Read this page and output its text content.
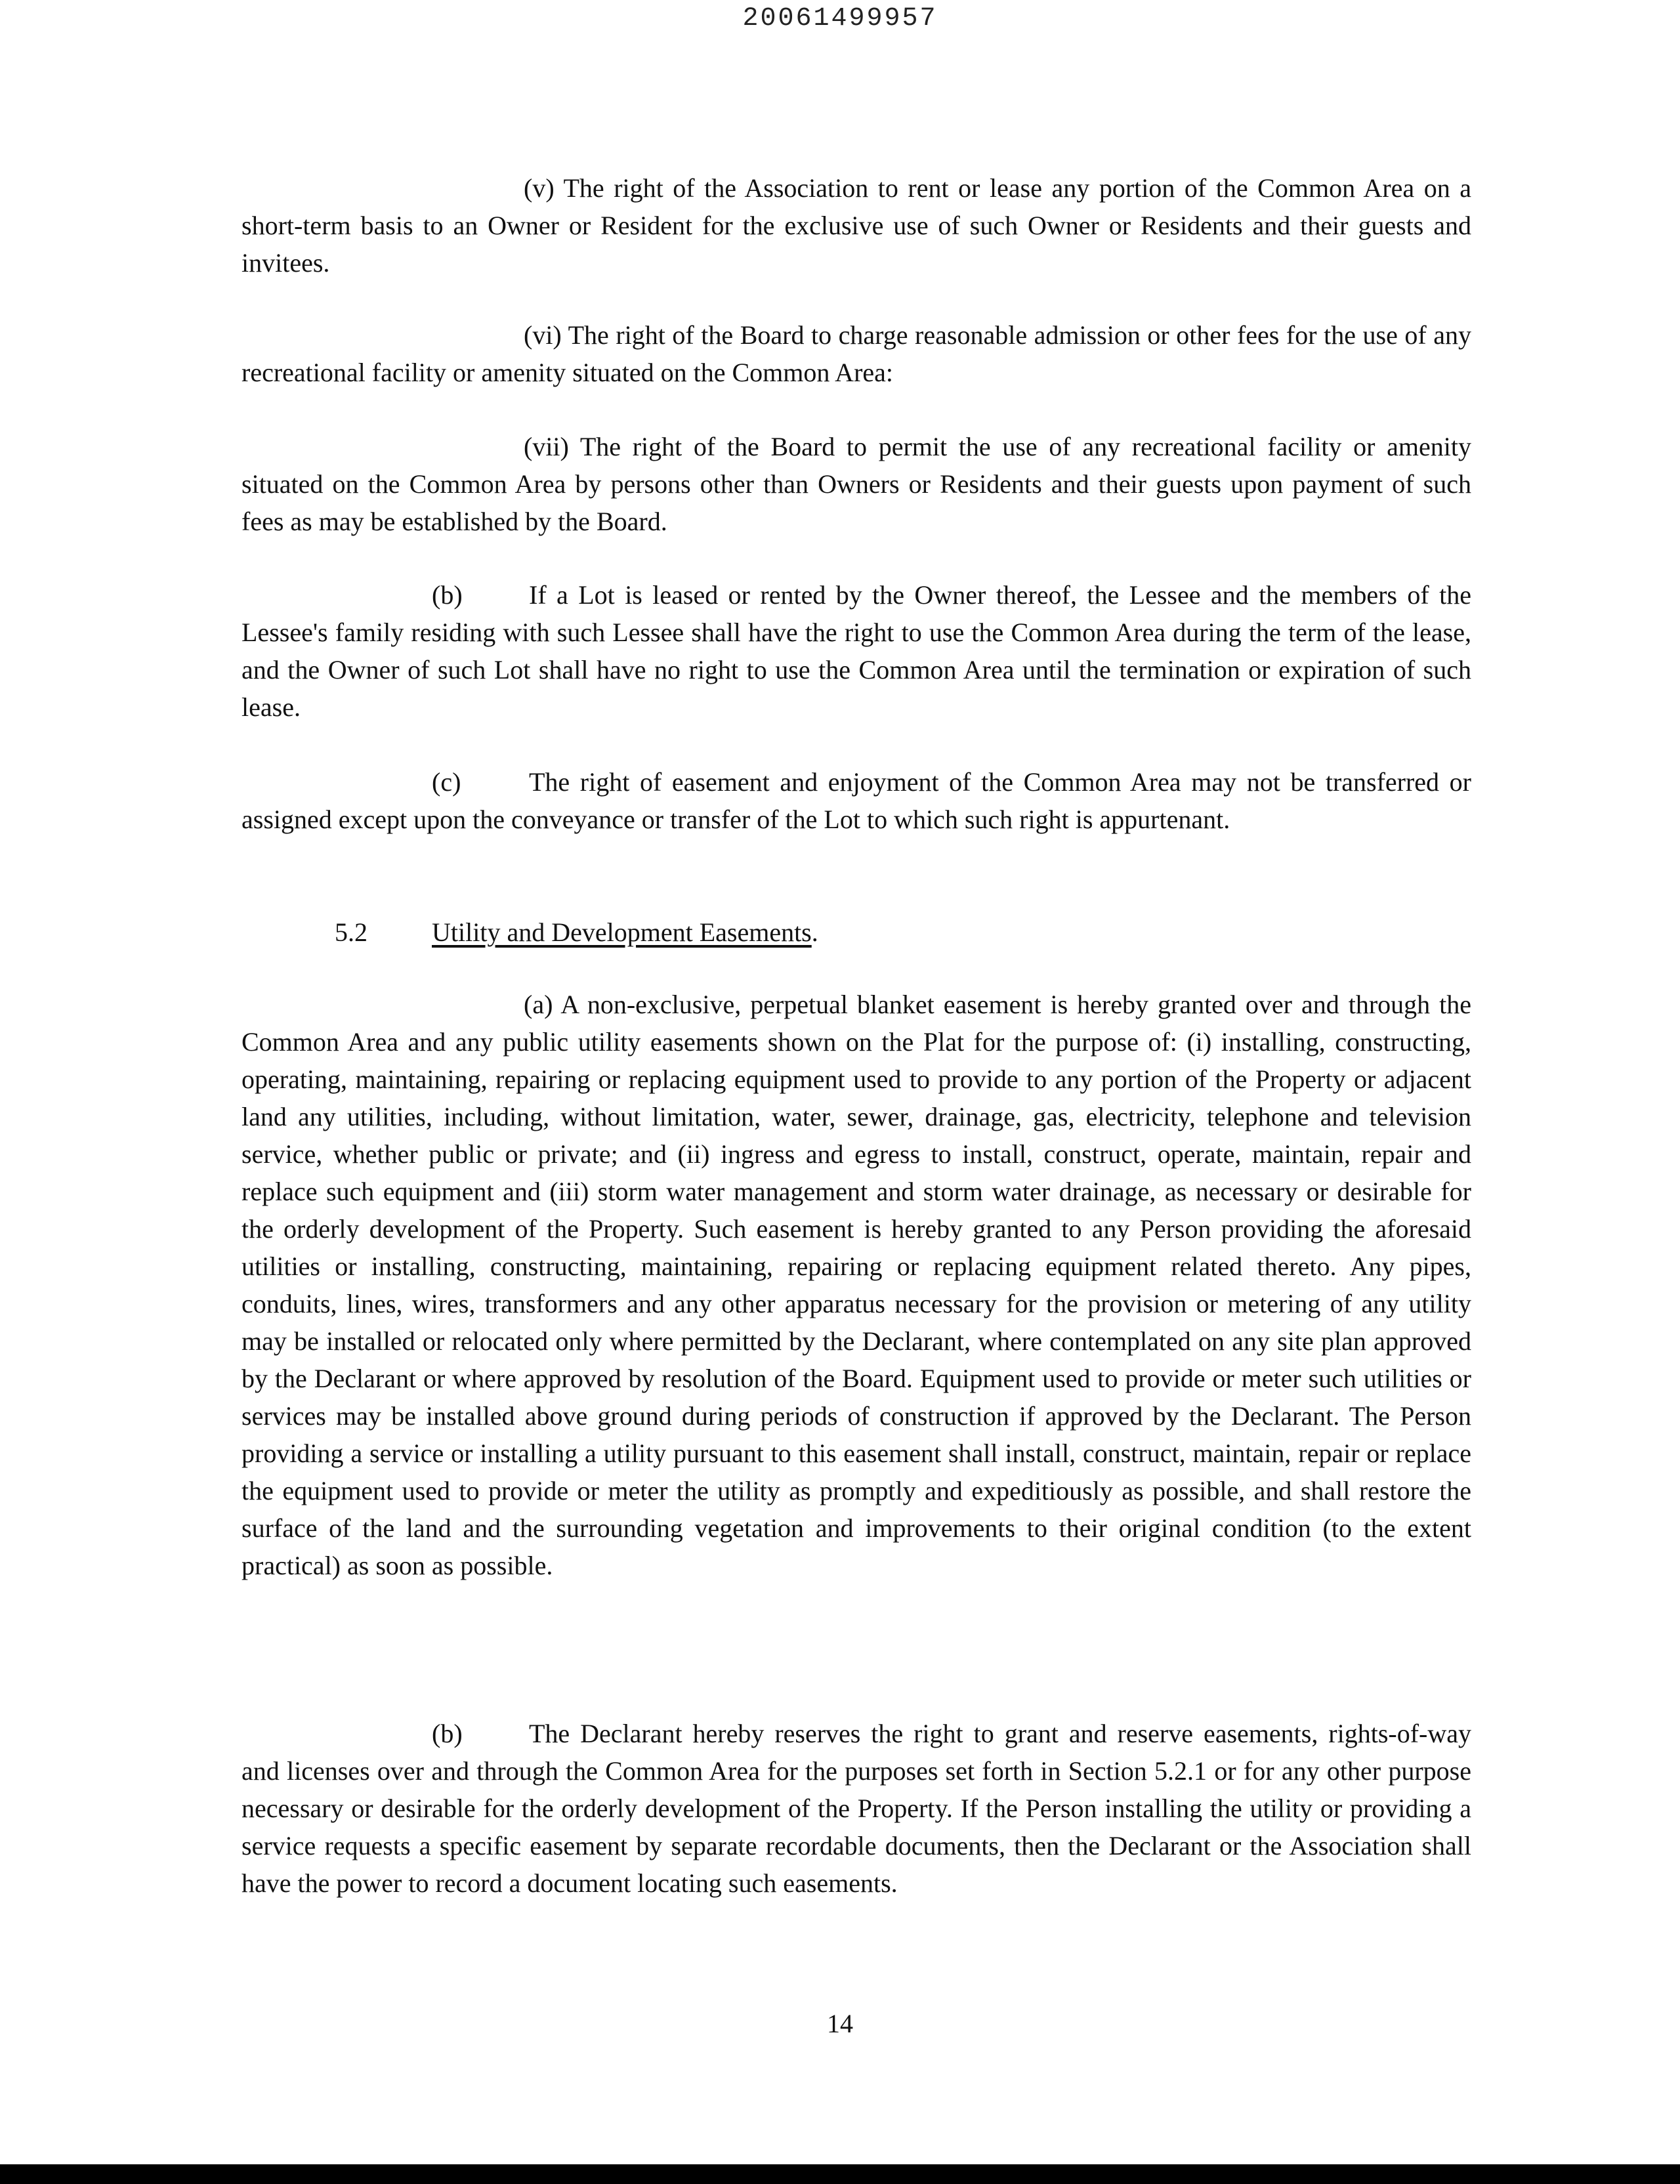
20061499957

(v) The right of the Association to rent or lease any portion of the Common Area on a short-term basis to an Owner or Resident for the exclusive use of such Owner or Residents and their guests and invitees.

(vi) The right of the Board to charge reasonable admission or other fees for the use of any recreational facility or amenity situated on the Common Area:

(vii) The right of the Board to permit the use of any recreational facility or amenity situated on the Common Area by persons other than Owners or Residents and their guests upon payment of such fees as may be established by the Board.

(b)	If a Lot is leased or rented by the Owner thereof, the Lessee and the members of the Lessee's family residing with such Lessee shall have the right to use the Common Area during the term of the lease, and the Owner of such Lot shall have no right to use the Common Area until the termination or expiration of such lease.

(c)	The right of easement and enjoyment of the Common Area may not be transferred or assigned except upon the conveyance or transfer of the Lot to which such right is appurtenant.

5.2 Utility and Development Easements.

(a) A non-exclusive, perpetual blanket easement is hereby granted over and through the Common Area and any public utility easements shown on the Plat for the purpose of: (i) installing, constructing, operating, maintaining, repairing or replacing equipment used to provide to any portion of the Property or adjacent land any utilities, including, without limitation, water, sewer, drainage, gas, electricity, telephone and television service, whether public or private; and (ii) ingress and egress to install, construct, operate, maintain, repair and replace such equipment and (iii) storm water management and storm water drainage, as necessary or desirable for the orderly development of the Property. Such easement is hereby granted to any Person providing the aforesaid utilities or installing, constructing, maintaining, repairing or replacing equipment related thereto. Any pipes, conduits, lines, wires, transformers and any other apparatus necessary for the provision or metering of any utility may be installed or relocated only where permitted by the Declarant, where contemplated on any site plan approved by the Declarant or where approved by resolution of the Board. Equipment used to provide or meter such utilities or services may be installed above ground during periods of construction if approved by the Declarant. The Person providing a service or installing a utility pursuant to this easement shall install, construct, maintain, repair or replace the equipment used to provide or meter the utility as promptly and expeditiously as possible, and shall restore the surface of the land and the surrounding vegetation and improvements to their original condition (to the extent practical) as soon as possible.

(b)	The Declarant hereby reserves the right to grant and reserve easements, rights-of-way and licenses over and through the Common Area for the purposes set forth in Section 5.2.1 or for any other purpose necessary or desirable for the orderly development of the Property. If the Person installing the utility or providing a service requests a specific easement by separate recordable documents, then the Declarant or the Association shall have the power to record a document locating such easements.

14
